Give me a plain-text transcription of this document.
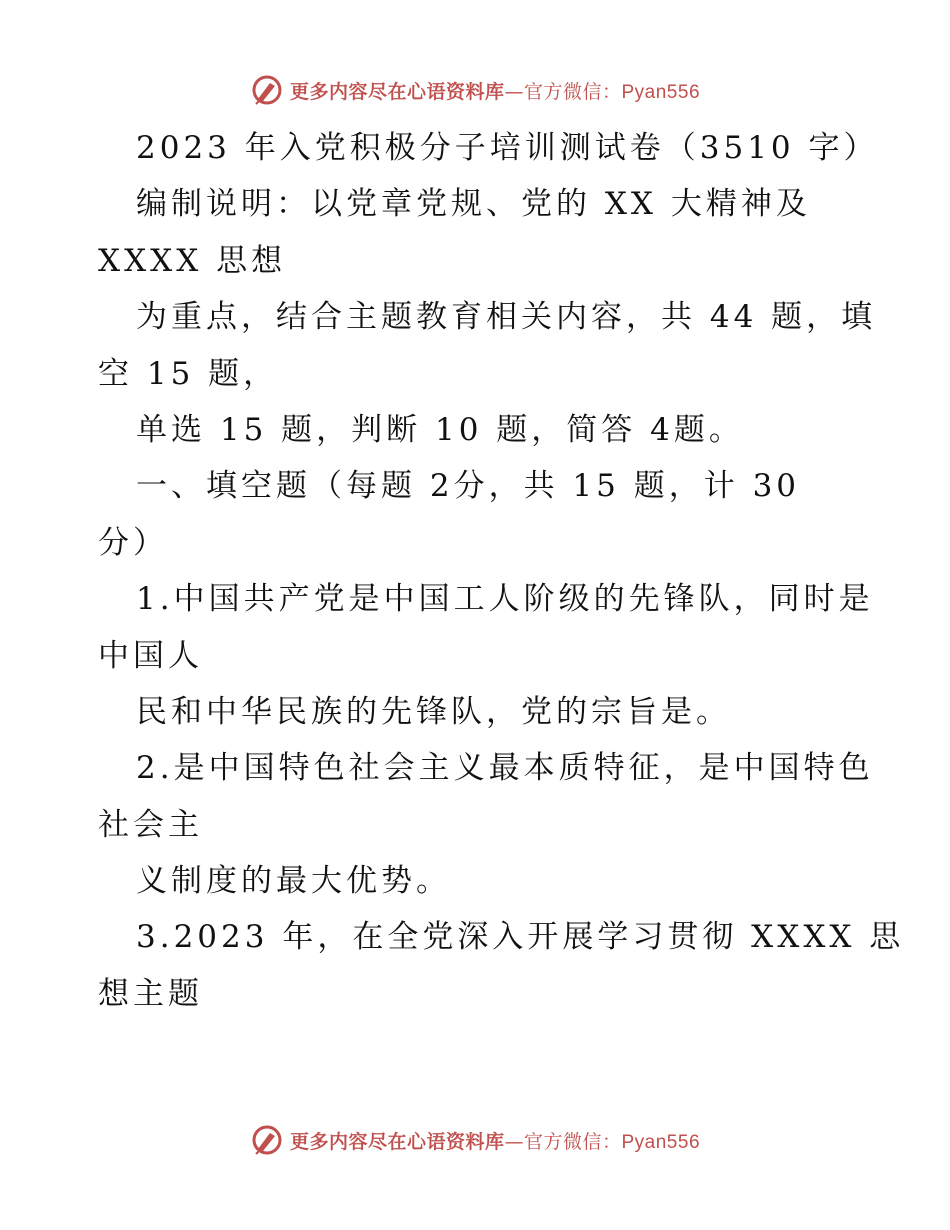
更多内容尽在心语资料库—官方微信：Pyan556
2023 年入党积极分子培训测试卷（3510 字）
编制说明：以党章党规、党的 XX 大精神及
XXXX 思想
为重点，结合主题教育相关内容，共 44 题，填
空 15 题，
单选 15 题，判断 10 题，简答 4题。
一、填空题（每题 2分，共 15 题，计 30
分）
1.中国共产党是中国工人阶级的先锋队，同时是
中国人
民和中华民族的先锋队，党的宗旨是。
2.是中国特色社会主义最本质特征，是中国特色
社会主
义制度的最大优势。
3.2023 年，在全党深入开展学习贯彻 XXXX 思
想主题
更多内容尽在心语资料库—官方微信：Pyan556
